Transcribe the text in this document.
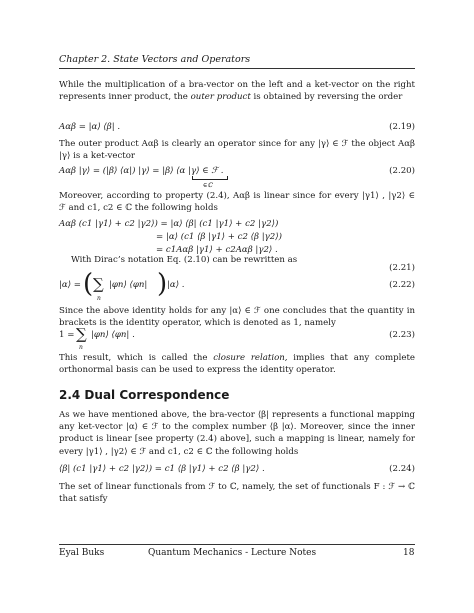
Chapter 2. State Vectors and Operators
While the multiplication of a bra-vector on the left and a ket-vector on the right represents inner product, the outer product is obtained by reversing the order
Aαβ = |α⟩ ⟨β| .	(2.19)
The outer product Aαβ is clearly an operator since for any |γ⟩ ∈ ℱ the object Aαβ |γ⟩ is a ket-vector
Aαβ |γ⟩ = (|β⟩ ⟨α|) |γ⟩ = |β⟩ ⟨α |γ⟩ ∈ ℱ .
∈ℂ
(2.20)
Moreover, according to property (2.4), Aαβ is linear since for every |γ1⟩ , |γ2⟩ ∈ ℱ and c1, c2 ∈ ℂ the following holds
Aαβ (c1 |γ1⟩ + c2 |γ2⟩) = |α⟩ ⟨β| (c1 |γ1⟩ + c2 |γ2⟩)
= |α⟩ (c1 ⟨β |γ1⟩ + c2 ⟨β |γ2⟩)
= c1Aαβ |γ1⟩ + c2Aαβ |γ2⟩ .
(2.21)
With Dirac’s notation Eq. (2.10) can be rewritten as
|α⟩ = ( ∑
n
|φn⟩ ⟨φn| ) |α⟩ .	(2.22)
Since the above identity holds for any |α⟩ ∈ ℱ one concludes that the quantity in brackets is the identity operator, which is denoted as 1, namely
1 = ∑
n
|φn⟩ ⟨φn| .	(2.23)
This result, which is called the closure relation, implies that any complete orthonormal basis can be used to express the identity operator.
2.4 Dual Correspondence
As we have mentioned above, the bra-vector ⟨β| represents a functional mapping any ket-vector |α⟩ ∈ ℱ to the complex number ⟨β |α⟩. Moreover, since the inner product is linear [see property (2.4) above], such a mapping is linear, namely for every |γ1⟩ , |γ2⟩ ∈ ℱ and c1, c2 ∈ ℂ the following holds
⟨β| (c1 |γ1⟩ + c2 |γ2⟩) = c1 ⟨β |γ1⟩ + c2 ⟨β |γ2⟩ .	(2.24)
The set of linear functionals from ℱ to ℂ, namely, the set of functionals F : ℱ → ℂ that satisfy
Eyal Buks	Quantum Mechanics - Lecture Notes	18
